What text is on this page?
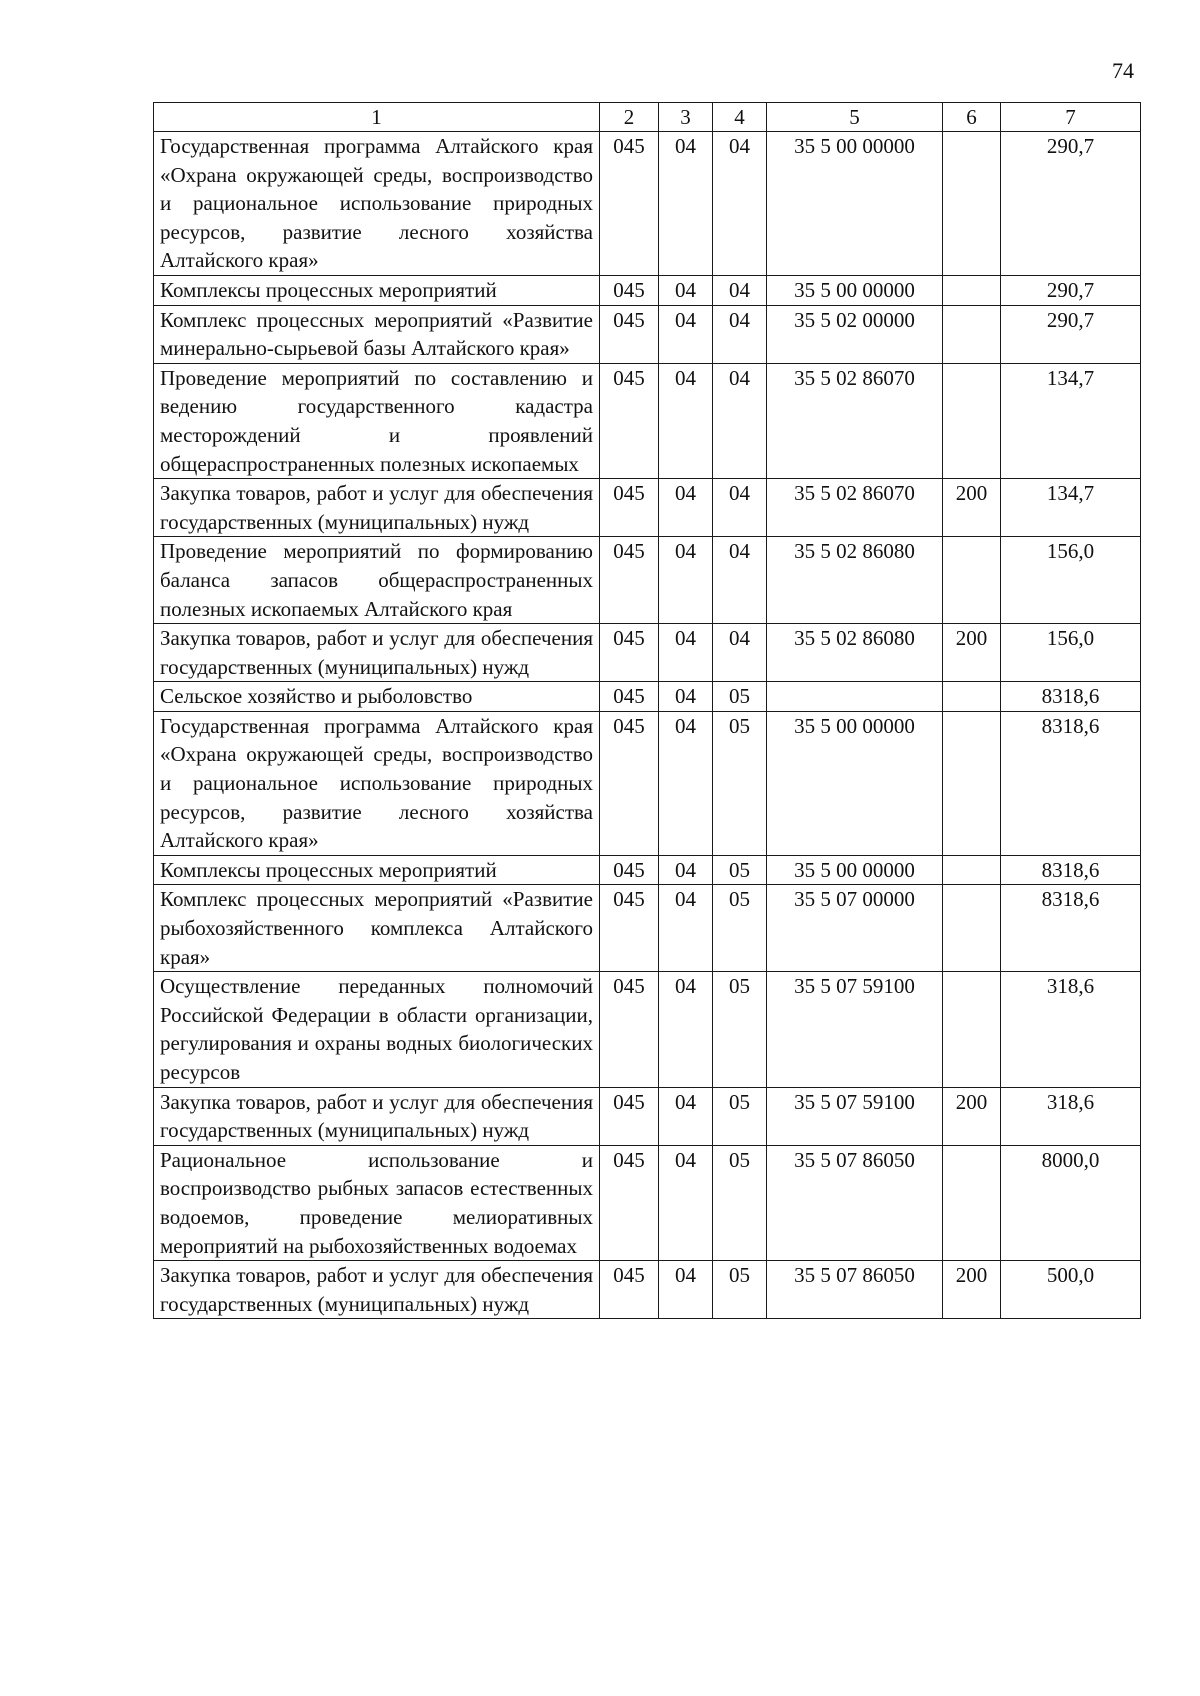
74
1	2	3	4	5	6	7
Государственная программа Алтайского края «Охрана окружающей среды, воспроизводство и рациональное использование природных ресурсов, развитие лесного хозяйства Алтайского края»	045	04	04	35 5 00 00000		290,7
Комплексы процессных мероприятий	045	04	04	35 5 00 00000		290,7
Комплекс процессных мероприятий «Развитие минерально-сырьевой базы Алтайского края»	045	04	04	35 5 02 00000		290,7
Проведение мероприятий по составлению и ведению государственного кадастра месторождений и проявлений общераспространенных полезных ископаемых	045	04	04	35 5 02 86070		134,7
Закупка товаров, работ и услуг для обеспечения государственных (муниципальных) нужд	045	04	04	35 5 02 86070	200	134,7
Проведение мероприятий по формированию баланса запасов общераспространенных полезных ископаемых Алтайского края	045	04	04	35 5 02 86080		156,0
Закупка товаров, работ и услуг для обеспечения государственных (муниципальных) нужд	045	04	04	35 5 02 86080	200	156,0
Сельское хозяйство и рыболовство	045	04	05			8318,6
Государственная программа Алтайского края «Охрана окружающей среды, воспроизводство и рациональное использование природных ресурсов, развитие лесного хозяйства Алтайского края»	045	04	05	35 5 00 00000		8318,6
Комплексы процессных мероприятий	045	04	05	35 5 00 00000		8318,6
Комплекс процессных мероприятий «Развитие рыбохозяйственного комплекса Алтайского края»	045	04	05	35 5 07 00000		8318,6
Осуществление переданных полномочий Российской Федерации в области организации, регулирования и охраны водных биологических ресурсов	045	04	05	35 5 07 59100		318,6
Закупка товаров, работ и услуг для обеспечения государственных (муниципальных) нужд	045	04	05	35 5 07 59100	200	318,6
Рациональное использование и воспроизводство рыбных запасов естественных водоемов, проведение мелиоративных мероприятий на рыбохозяйственных водоемах	045	04	05	35 5 07 86050		8000,0
Закупка товаров, работ и услуг для обеспечения государственных (муниципальных) нужд	045	04	05	35 5 07 86050	200	500,0
